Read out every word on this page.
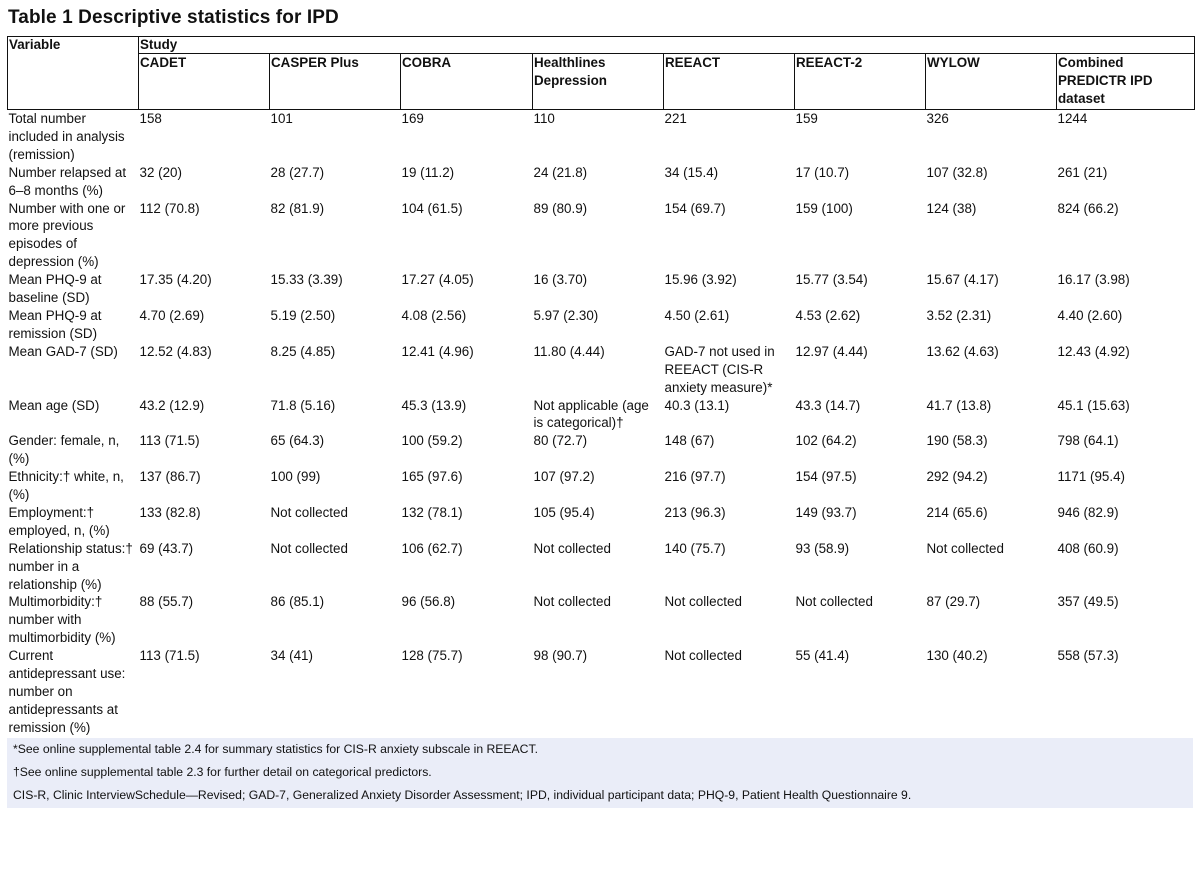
Table 1 Descriptive statistics for IPD
Variable	Study							
	CADET	CASPER Plus	COBRA	Healthlines Depression	REEACT	REEACT-2	WYLOW	Combined PREDICTR IPD dataset
Total number included in analysis (remission)	158	101	169	110	221	159	326	1244
Number relapsed at 6–8 months (%)	32 (20)	28 (27.7)	19 (11.2)	24 (21.8)	34 (15.4)	17 (10.7)	107 (32.8)	261 (21)
Number with one or more previous episodes of depression (%)	112 (70.8)	82 (81.9)	104 (61.5)	89 (80.9)	154 (69.7)	159 (100)	124 (38)	824 (66.2)
Mean PHQ-9 at baseline (SD)	17.35 (4.20)	15.33 (3.39)	17.27 (4.05)	16 (3.70)	15.96 (3.92)	15.77 (3.54)	15.67 (4.17)	16.17 (3.98)
Mean PHQ-9 at remission (SD)	4.70 (2.69)	5.19 (2.50)	4.08 (2.56)	5.97 (2.30)	4.50 (2.61)	4.53 (2.62)	3.52 (2.31)	4.40 (2.60)
Mean GAD-7 (SD)	12.52 (4.83)	8.25 (4.85)	12.41 (4.96)	11.80 (4.44)	GAD-7 not used in REEACT (CIS-R anxiety measure)*	12.97 (4.44)	13.62 (4.63)	12.43 (4.92)
Mean age (SD)	43.2 (12.9)	71.8 (5.16)	45.3 (13.9)	Not applicable (age is categorical)†	40.3 (13.1)	43.3 (14.7)	41.7 (13.8)	45.1 (15.63)
Gender: female, n, (%)	113 (71.5)	65 (64.3)	100 (59.2)	80 (72.7)	148 (67)	102 (64.2)	190 (58.3)	798 (64.1)
Ethnicity:† white, n, (%)	137 (86.7)	100 (99)	165 (97.6)	107 (97.2)	216 (97.7)	154 (97.5)	292 (94.2)	1171 (95.4)
Employment:† employed, n, (%)	133 (82.8)	Not collected	132 (78.1)	105 (95.4)	213 (96.3)	149 (93.7)	214 (65.6)	946 (82.9)
Relationship status:† number in a relationship (%)	69 (43.7)	Not collected	106 (62.7)	Not collected	140 (75.7)	93 (58.9)	Not collected	408 (60.9)
Multimorbidity:† number with multimorbidity (%)	88 (55.7)	86 (85.1)	96 (56.8)	Not collected	Not collected	Not collected	87 (29.7)	357 (49.5)
Current antidepressant use: number on antidepressants at remission (%)	113 (71.5)	34 (41)	128 (75.7)	98 (90.7)	Not collected	55 (41.4)	130 (40.2)	558 (57.3)
*See online supplemental table 2.4 for summary statistics for CIS-R anxiety subscale in REEACT.
†See online supplemental table 2.3 for further detail on categorical predictors.
CIS-R, Clinic InterviewSchedule—Revised; GAD-7, Generalized Anxiety Disorder Assessment; IPD, individual participant data; PHQ-9, Patient Health Questionnaire 9.
